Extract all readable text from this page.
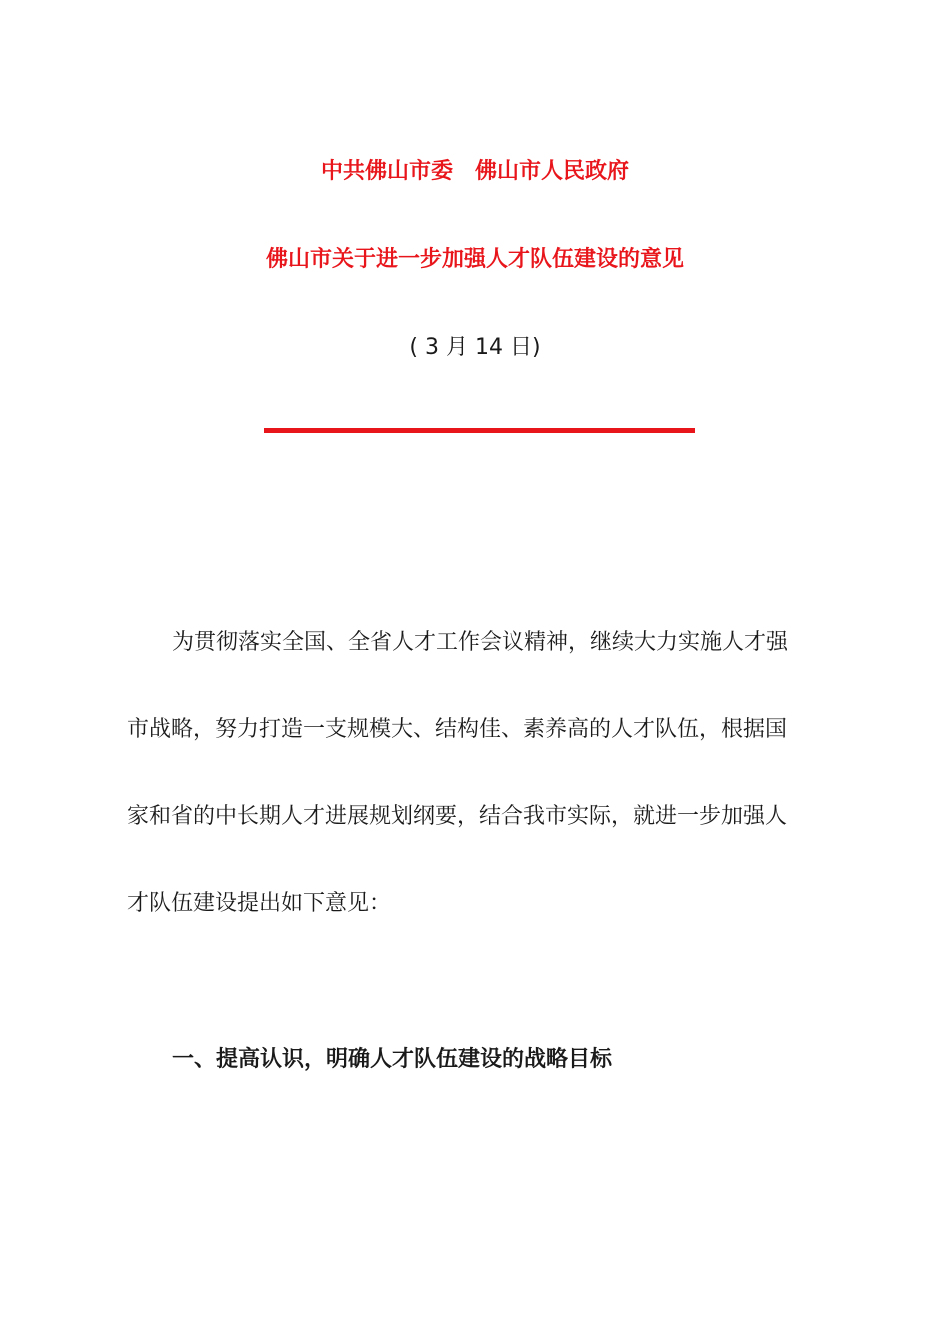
中共佛山市委 佛山市人民政府
佛山市关于进一步加强人才队伍建设的意见

( 3 月 14 日)

为贯彻落实全国、全省人才工作会议精神，继续大力实施人才强
市战略，努力打造一支规模大、结构佳、素养高的人才队伍，根据国
家和省的中长期人才进展规划纲要，结合我市实际，就进一步加强人
才队伍建设提出如下意见：

一、提高认识，明确人才队伍建设的战略目标
